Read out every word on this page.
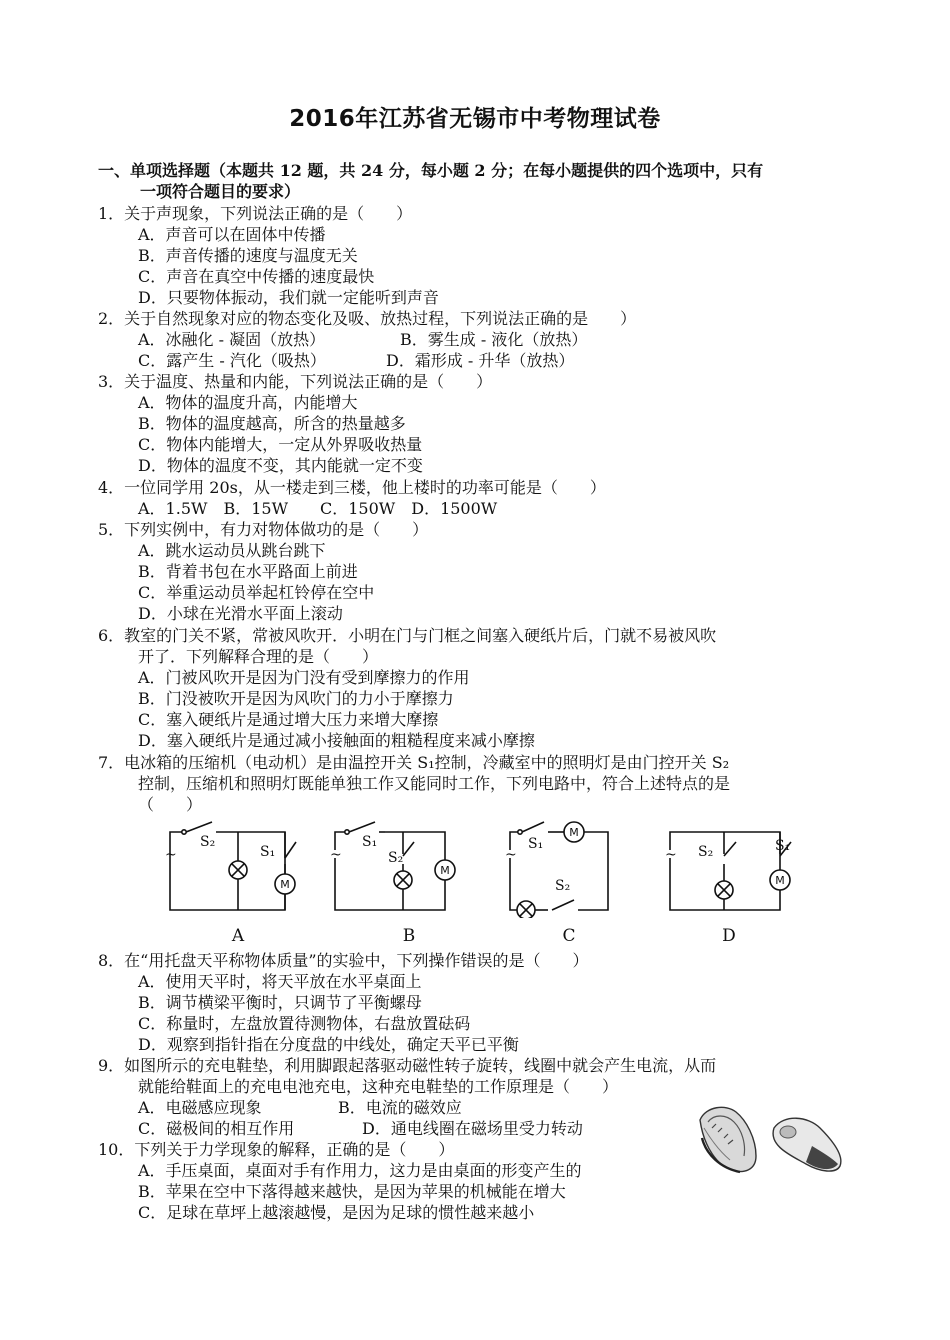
2016年江苏省无锡市中考物理试卷
一、单项选择题（本题共 12 题，共 24 分，每小题 2 分；在每小题提供的四个选项中，只有
一项符合题目的要求）
1．关于声现象，下列说法正确的是（　　）
A．声音可以在固体中传播
B．声音传播的速度与温度无关
C．声音在真空中传播的速度最快
D．只要物体振动，我们就一定能听到声音
2．关于自然现象对应的物态变化及吸、放热过程，下列说法正确的是　　）
A．冰融化 - 凝固（放热）	B．雾生成 - 液化（放热）
C．露产生 - 汽化（吸热）	D．霜形成 - 升华（放热）
3．关于温度、热量和内能，下列说法正确的是（　　）
A．物体的温度升高，内能增大
B．物体的温度越高，所含的热量越多
C．物体内能增大，一定从外界吸收热量
D．物体的温度不变，其内能就一定不变
4．一位同学用 20s，从一楼走到三楼，他上楼时的功率可能是（　　）
A．1.5W　B．15W　　C．150W　D．1500W
5．下列实例中，有力对物体做功的是（　　）
A．跳水运动员从跳台跳下
B．背着书包在水平路面上前进
C．举重运动员举起杠铃停在空中
D．小球在光滑水平面上滚动
6．教室的门关不紧，常被风吹开．小明在门与门框之间塞入硬纸片后，门就不易被风吹
开了．下列解释合理的是（　　）
A．门被风吹开是因为门没有受到摩擦力的作用
B．门没被吹开是因为风吹门的力小于摩擦力
C．塞入硬纸片是通过增大压力来增大摩擦
D．塞入硬纸片是通过减小接触面的粗糙程度来减小摩擦
7．电冰箱的压缩机（电动机）是由温控开关 S₁控制，冷藏室中的照明灯是由门控开关 S₂
控制，压缩机和照明灯既能单独工作又能同时工作，下列电路中，符合上述特点的是
（　　）
~	~	~	~
S₂
S₁
S₁
S₂
S₁
S₂
S₂	S₁
M
M
M
M
A	B	C	D
8．在“用托盘天平称物体质量”的实验中，下列操作错误的是（　　）
A．使用天平时，将天平放在水平桌面上
B．调节横梁平衡时，只调节了平衡螺母
C．称量时，左盘放置待测物体，右盘放置砝码
D．观察到指针指在分度盘的中线处，确定天平已平衡
9．如图所示的充电鞋垫，利用脚跟起落驱动磁性转子旋转，线圈中就会产生电流，从而
就能给鞋面上的充电电池充电，这种充电鞋垫的工作原理是（　　）
A．电磁感应现象	B．电流的磁效应
C．磁极间的相互作用	D．通电线圈在磁场里受力转动
10．下列关于力学现象的解释，正确的是（　　）
A．手压桌面，桌面对手有作用力，这力是由桌面的形变产生的
B．苹果在空中下落得越来越快，是因为苹果的机械能在增大
C．足球在草坪上越滚越慢，是因为足球的惯性越来越小
